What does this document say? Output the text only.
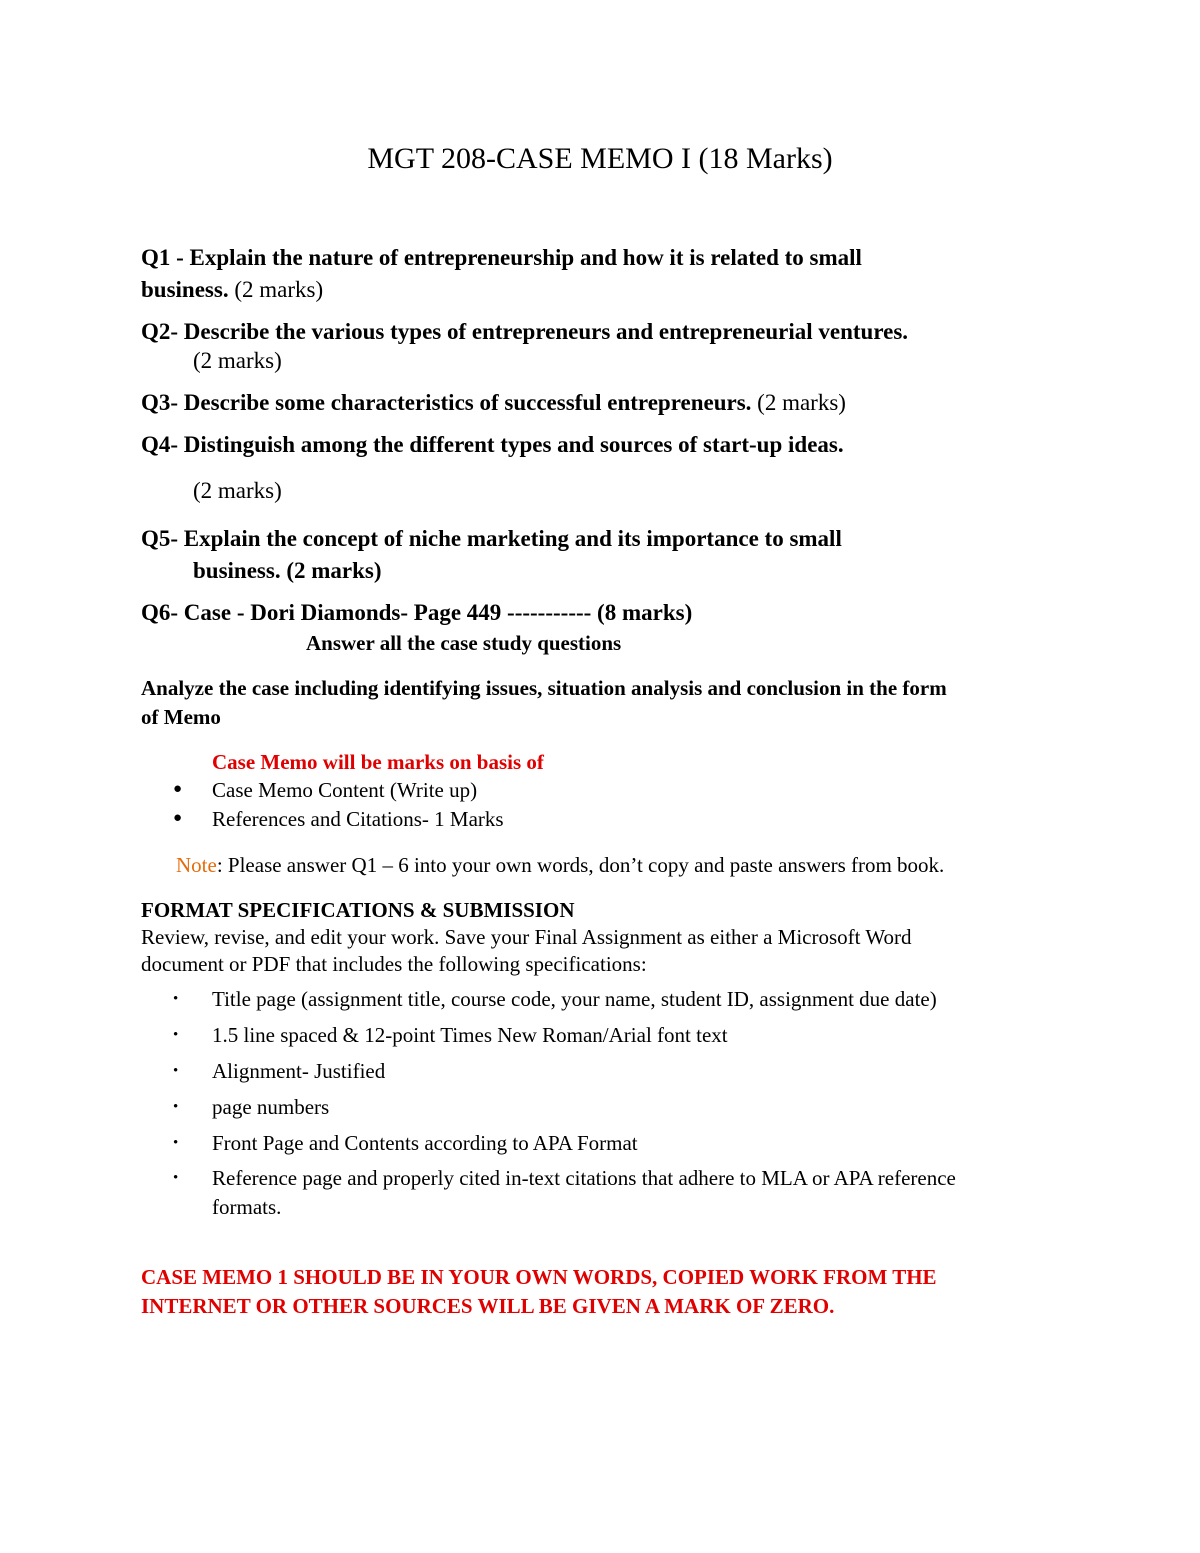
MGT 208-CASE MEMO I (18 Marks)
Q1 - Explain the nature of entrepreneurship and how it is related to small
business. (2 marks)
Q2- Describe the various types of entrepreneurs and entrepreneurial ventures.
(2 marks)
Q3- Describe some characteristics of successful entrepreneurs. (2 marks)
Q4- Distinguish among the different types and sources of start-up ideas.
(2 marks)
Q5- Explain the concept of niche marketing and its importance to small
business. (2 marks)
Q6- Case - Dori Diamonds- Page 449 ----------- (8 marks)
Answer all the case study questions
Analyze the case including identifying issues, situation analysis and conclusion in the form
of Memo
Case Memo will be marks on basis of
● Case Memo Content (Write up)
● References and Citations- 1 Marks
Note: Please answer Q1 – 6 into your own words, don’t copy and paste answers from book.
FORMAT SPECIFICATIONS & SUBMISSION
Review, revise, and edit your work. Save your Final Assignment as either a Microsoft Word
document or PDF that includes the following specifications:
• Title page (assignment title, course code, your name, student ID, assignment due date)
• 1.5 line spaced & 12-point Times New Roman/Arial font text
• Alignment- Justified
• page numbers
• Front Page and Contents according to APA Format
• Reference page and properly cited in-text citations that adhere to MLA or APA reference
formats.
CASE MEMO 1 SHOULD BE IN YOUR OWN WORDS, COPIED WORK FROM THE
INTERNET OR OTHER SOURCES WILL BE GIVEN A MARK OF ZERO.
